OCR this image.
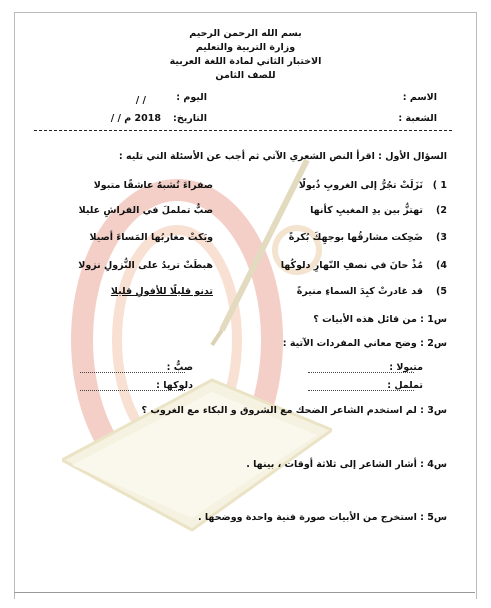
بسم الله الرحمن الرحيم
وزارة التربية والتعليم
الاختبار الثاني لمادة اللغة العربية
للصف الثامن
الاسم :
اليوم :
/ /
الشعبة :
التاريخ:
2018 م / /
السؤال الأول : اقرأ النص الشعري الآتي ثم أجب عن الأسئلة التي تليه :
1 )
نَزَلَتْ تجُرُّ إلى الغروبِ ذُيولًا
صفراءَ تُشبهُ عاشقًا متبولا
2)
تهتزُّ بين يدِ المغيبِ كأنها
صبٌّ تململَ في الفراشِ عليلا
3)
ضَحِكت مشارقُها بوجهِكَ بُكرةً
وبَكتْ مغاربُها المَساءَ أصيلا
4)
مُذْ حانَ في نصفِ النّهارِ دلوكُها
هبطَتْ تريدُ على النُّزولِ نزولا
5)
قد غادرتْ كبِدَ السماءِ منيرةً
تدنو قليلًا للأفولِ قليلا
س1 : من قائل هذه الأبيات ؟
س2 : وضح معاني المفردات الآتية :
متبولا :
صبٌّ :
تململ :
دلوكها :
س3 : لم استخدم الشاعر الضحك مع الشروق و البكاء مع الغروب ؟
س4 : أشار الشاعر إلى ثلاثة أوقات ، بينها .
س5 : استخرج من الأبيات صورة فنية واحدة ووضحها .
